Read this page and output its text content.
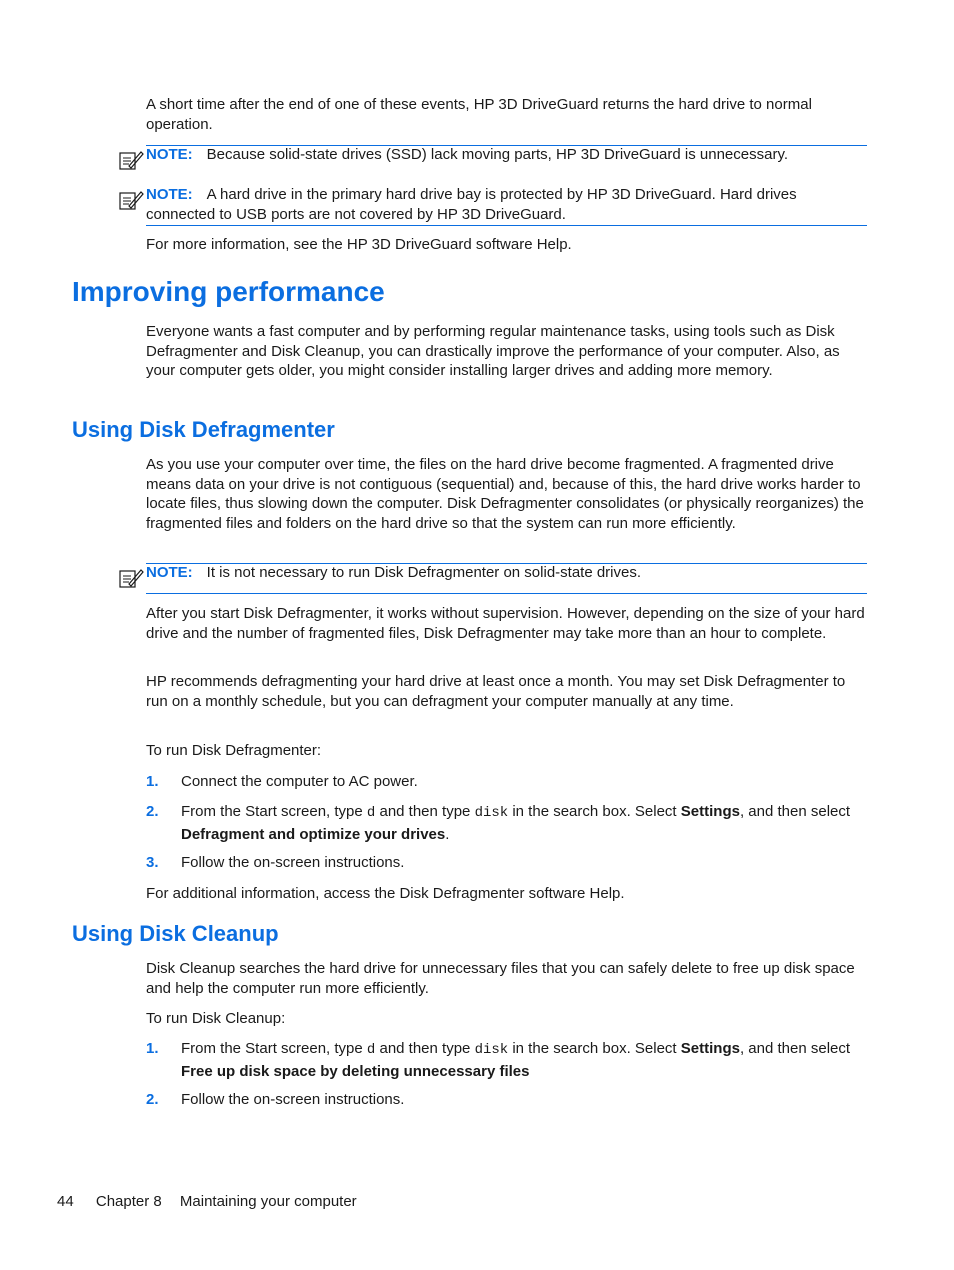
A short time after the end of one of these events, HP 3D DriveGuard returns the hard drive to normal operation.

NOTE: Because solid-state drives (SSD) lack moving parts, HP 3D DriveGuard is unnecessary.
NOTE: A hard drive in the primary hard drive bay is protected by HP 3D DriveGuard. Hard drives connected to USB ports are not covered by HP 3D DriveGuard.

For more information, see the HP 3D DriveGuard software Help.

Improving performance

Everyone wants a fast computer and by performing regular maintenance tasks, using tools such as Disk Defragmenter and Disk Cleanup, you can drastically improve the performance of your computer. Also, as your computer gets older, you might consider installing larger drives and adding more memory.

Using Disk Defragmenter

As you use your computer over time, the files on the hard drive become fragmented. A fragmented drive means data on your drive is not contiguous (sequential) and, because of this, the hard drive works harder to locate files, thus slowing down the computer. Disk Defragmenter consolidates (or physically reorganizes) the fragmented files and folders on the hard drive so that the system can run more efficiently.

NOTE: It is not necessary to run Disk Defragmenter on solid-state drives.

After you start Disk Defragmenter, it works without supervision. However, depending on the size of your hard drive and the number of fragmented files, Disk Defragmenter may take more than an hour to complete.

HP recommends defragmenting your hard drive at least once a month. You may set Disk Defragmenter to run on a monthly schedule, but you can defragment your computer manually at any time.

To run Disk Defragmenter:

1. Connect the computer to AC power.
2. From the Start screen, type d and then type disk in the search box. Select Settings, and then select Defragment and optimize your drives.
3. Follow the on-screen instructions.

For additional information, access the Disk Defragmenter software Help.

Using Disk Cleanup

Disk Cleanup searches the hard drive for unnecessary files that you can safely delete to free up disk space and help the computer run more efficiently.

To run Disk Cleanup:

1. From the Start screen, type d and then type disk in the search box. Select Settings, and then select Free up disk space by deleting unnecessary files
2. Follow the on-screen instructions.
44 Chapter 8 Maintaining your computer
